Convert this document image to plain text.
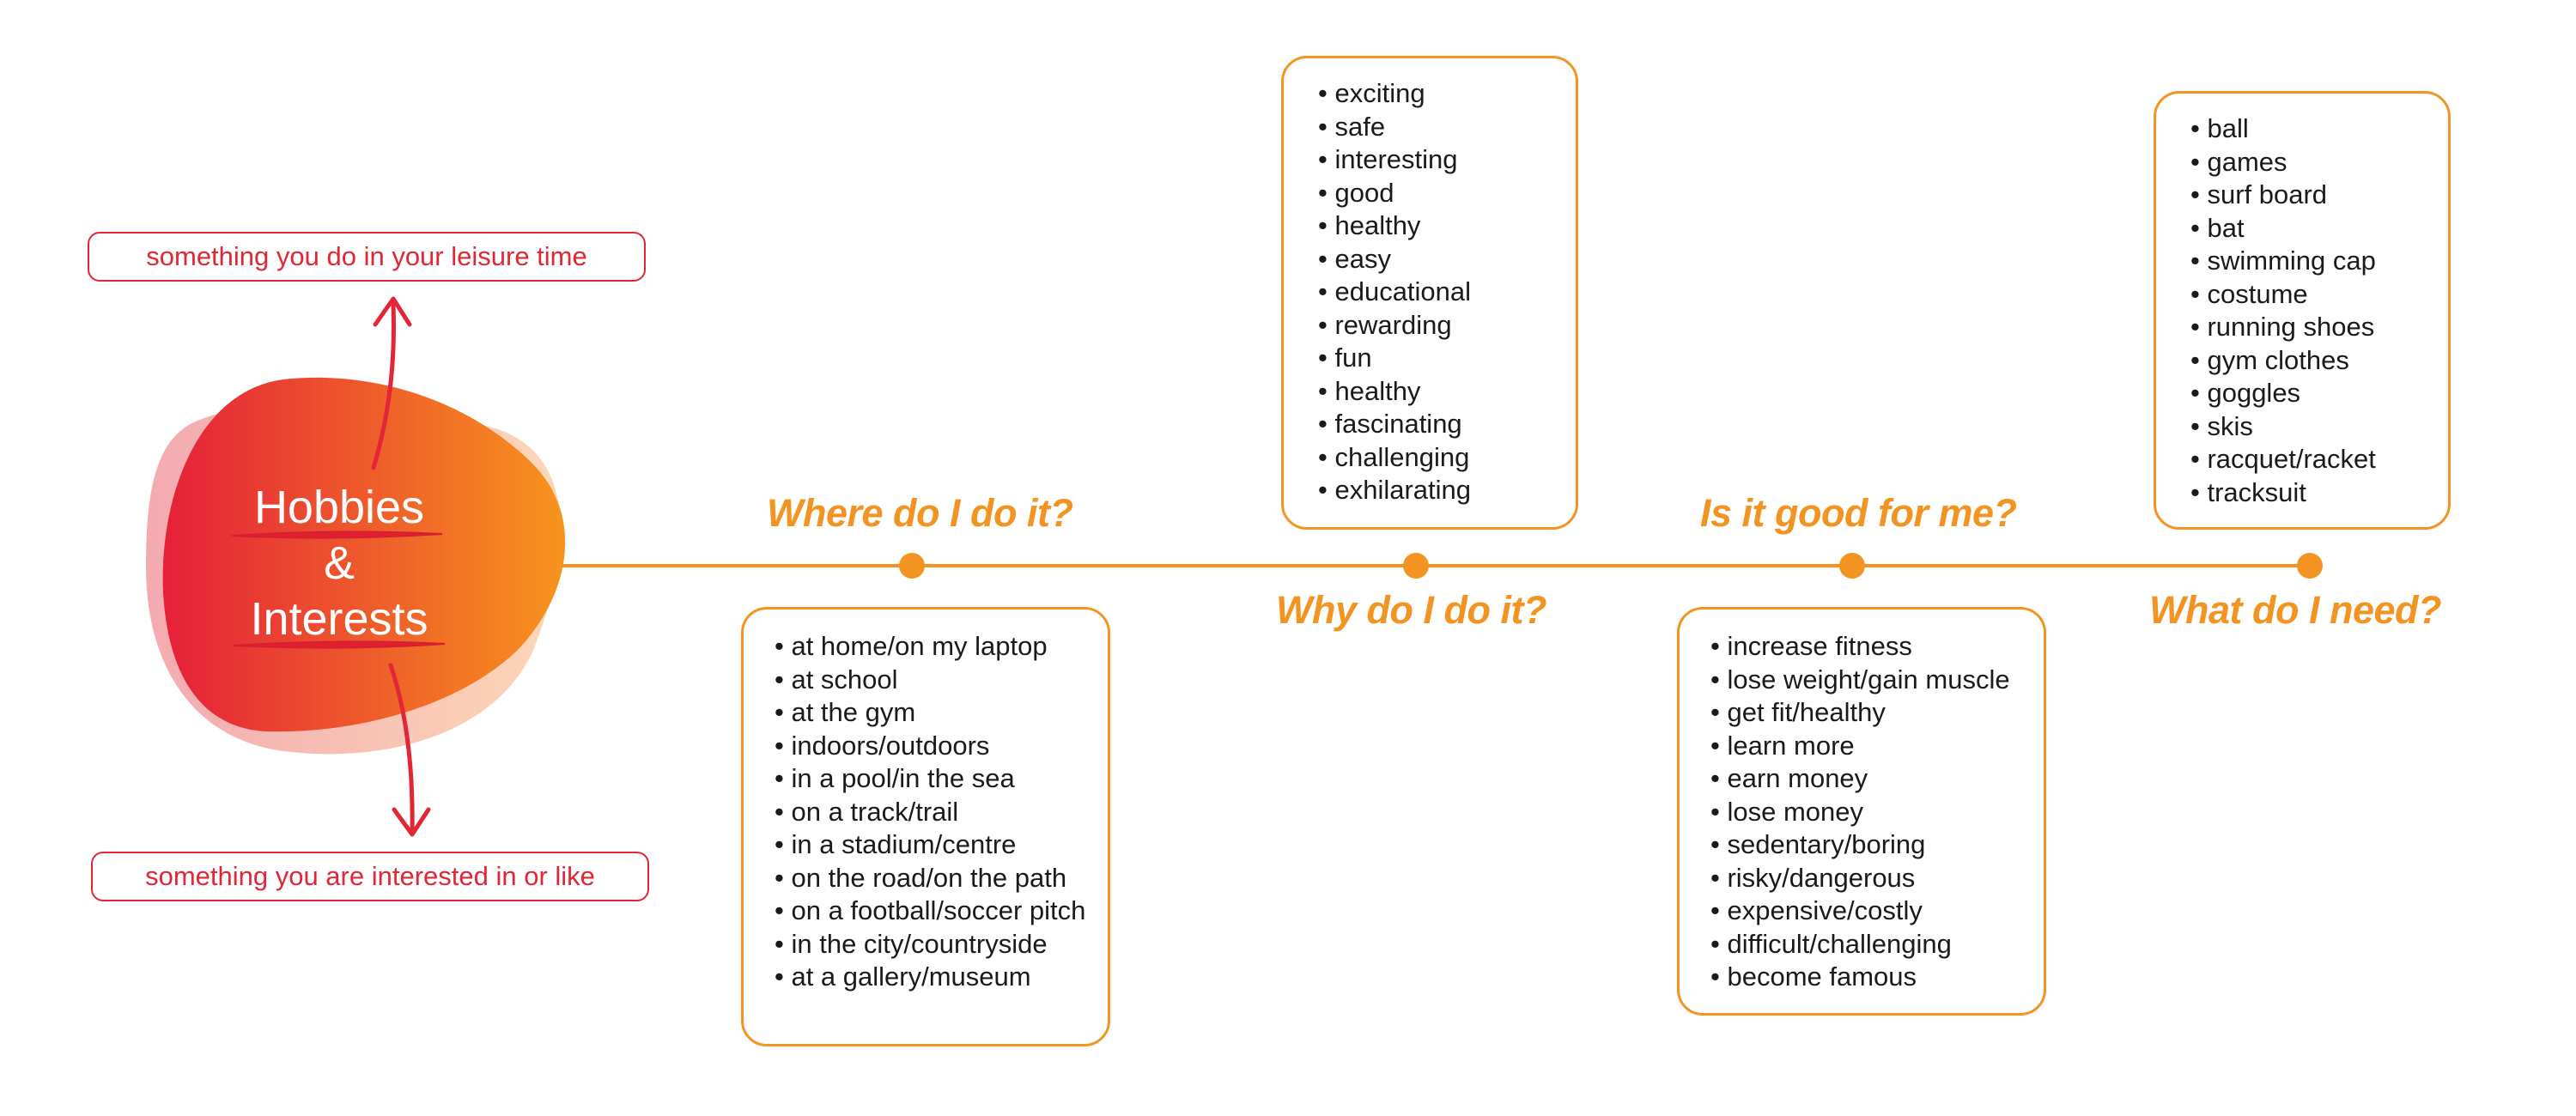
Hobbies
&
Interests
something you do in your leisure time
something you are interested in or like
Where do I do it?
Why do I do it?
Is it good for me?
What do I need?
• at home/on my laptop
• at school
• at the gym
• indoors/outdoors
• in a pool/in the sea
• on a track/trail
• in a stadium/centre
• on the road/on the path
• on a football/soccer pitch
• in the city/countryside
• at a gallery/museum
• exciting
• safe
• interesting
• good
• healthy
• easy
• educational
• rewarding
• fun
• healthy
• fascinating
• challenging
• exhilarating
• increase fitness
• lose weight/gain muscle
• get fit/healthy
• learn more
• earn money
• lose money
• sedentary/boring
• risky/dangerous
• expensive/costly
• difficult/challenging
• become famous
• ball
• games
• surf board
• bat
• swimming cap
• costume
• running shoes
• gym clothes
• goggles
• skis
• racquet/racket
• tracksuit
